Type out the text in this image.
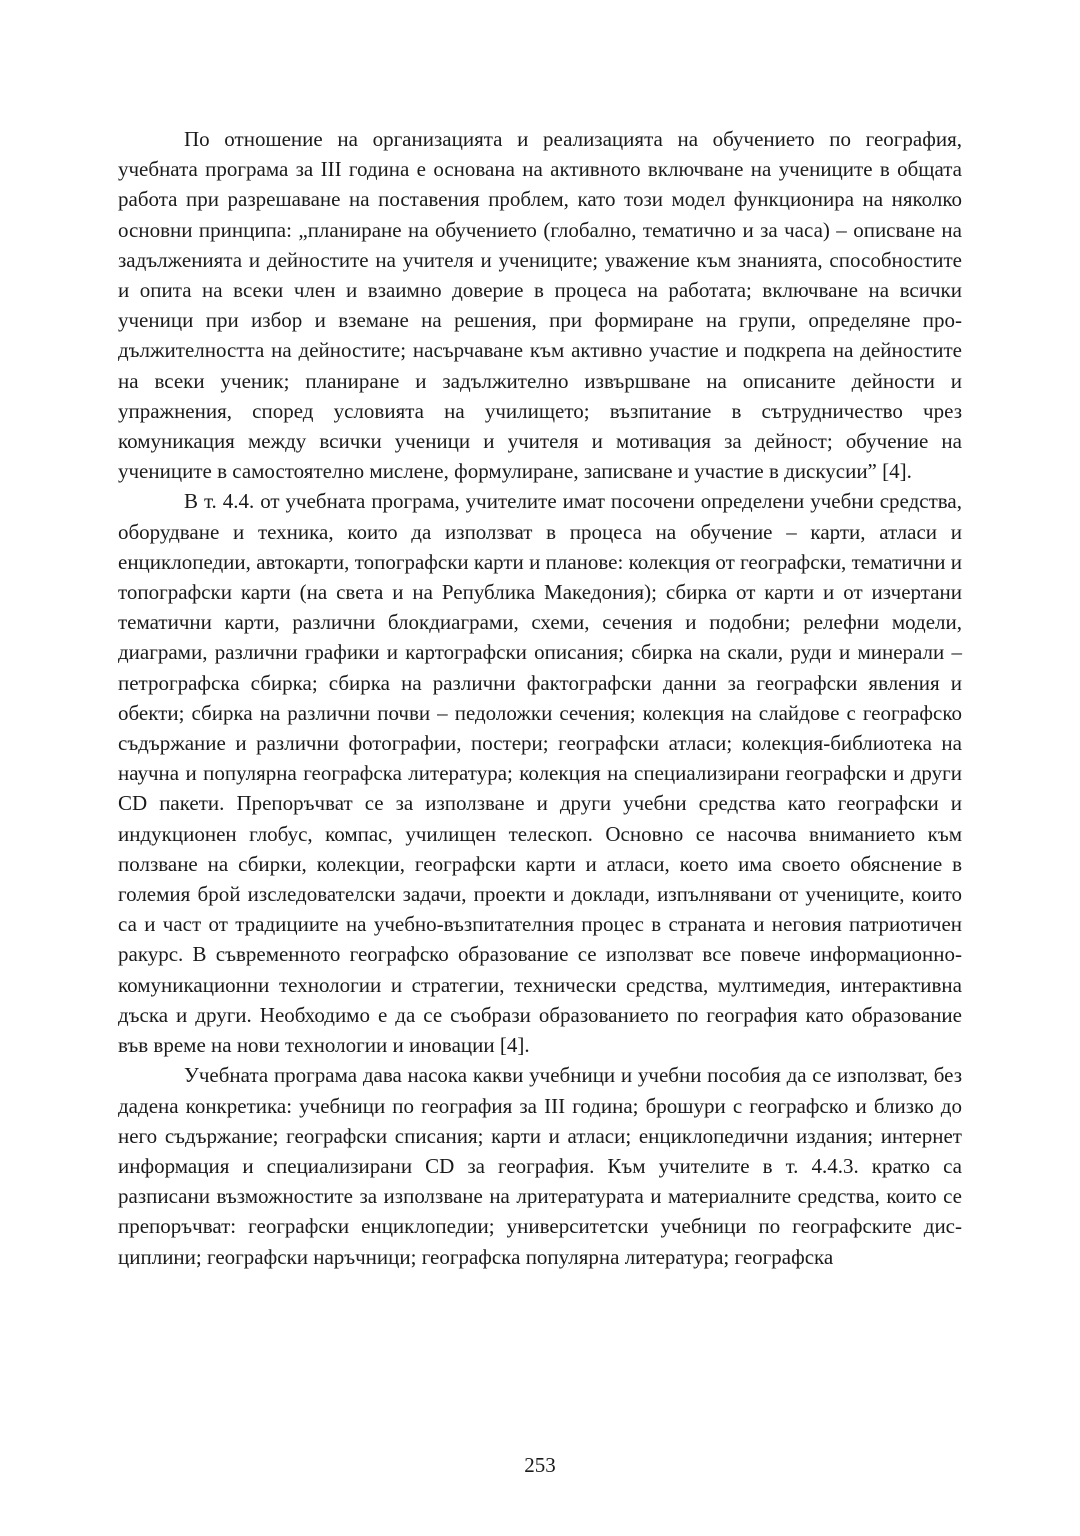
По отношение на организацията и реализацията на обучението по география, учебната програма за III година е основана на активното включване на учениците в общата работа при разрешаване на поставения проблем, като този модел функционира на няколко основни принципа: „планиране на обучението (глобално, тематично и за часа) – описване на задълженията и дейностите на учителя и учениците; уважение към знанията, способностите и опита на всеки член и взаимно доверие в процеса на работата; включване на всички ученици при избор и вземане на решения, при формиране на групи, определяне продължителността на дейностите; насърчаване към активно участие и подкрепа на дейностите на всеки ученик; планиране и задължително извършване на описаните дейности и упражнения, според условията на училището; възпитание в сътрудничество чрез комуникация между всички ученици и учителя и мотивация за дейност; обучение на учениците в самостоятелно мислене, формулиране, записване и участие в дискусии” [4].

В т. 4.4. от учебната програма, учителите имат посочени определени учебни средства, оборудване и техника, които да използват в процеса на обучение – карти, атласи и енциклопедии, автокарти, топографски карти и планове: колекция от географски, тематични и топографски карти (на света и на Република Македония); сбирка от карти и от изчертани тематични карти, различни блокдиаграми, схеми, сечения и подобни; релефни модели, диаграми, различни графики и картографски описания; сбирка на скали, руди и минерали – петрографска сбирка; сбирка на различни фактографски данни за географски явления и обекти; сбирка на различни почви – педоложки сечения; колекция на слайдове с географско съдържание и различни фотографии, постери; географски атласи; колекция-библиотека на научна и популярна географска литература; колекция на специализирани географски и други CD пакети. Препоръчват се за използване и други учебни средства като географски и индукционен глобус, компас, училищен телескоп. Основно се насочва вниманието към ползване на сбирки, колекции, географски карти и атласи, което има своето обяснение в големия брой изследователски задачи, проекти и доклади, изпълнявани от учениците, които са и част от традициите на учебно-възпитателния процес в страната и неговия патриотичен ракурс. В съвременното географско образование се използват все повече информационно-комуникационни технологии и стратегии, технически средства, мултимедия, интерактивна дъска и други. Необходимо е да се съобрази образованието по география като образование във време на нови технологии и иновации [4].

Учебната програма дава насока какви учебници и учебни пособия да се използват, без дадена конкретика: учебници по география за III година; брошури с географско и близко до него съдържание; географски списания; карти и атласи; енциклопедични издания; интернет информация и специализирани CD за география. Към учителите в т. 4.4.3. кратко са разписани възможностите за използване на лритературата и материалните средства, които се препоръчват: географски енциклопедии; университетски учебници по географските дисциплини; географски наръчници; географска популярна литература; географска

253
